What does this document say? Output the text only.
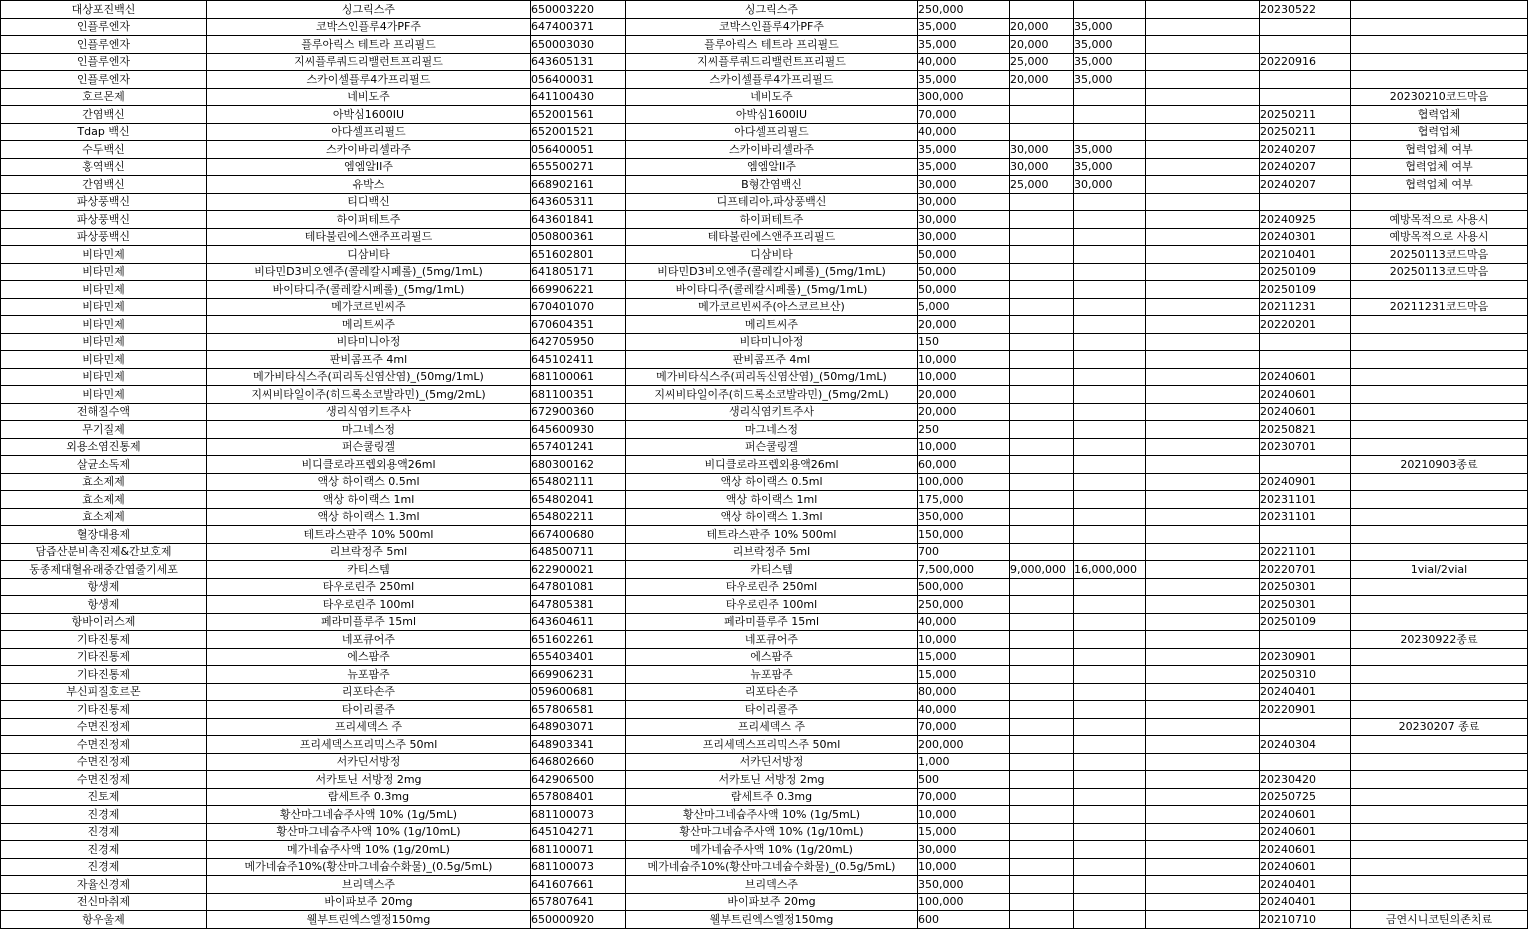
대상포진백신	싱그릭스주	650003220	싱그릭스주	250,000				20230522	
인플루엔자	코박스인플루4가PF주	647400371	코박스인플루4가PF주	35,000	20,000	35,000			
인플루엔자	플루아릭스 테트라 프리필드	650003030	플루아릭스 테트라 프리필드	35,000	20,000	35,000			
인플루엔자	지씨플루쿼드리밸런트프리필드	643605131	지씨플루쿼드리밸런트프리필드	40,000	25,000	35,000		20220916	
인플루엔자	스카이셀플루4가프리필드	056400031	스카이셀플루4가프리필드	35,000	20,000	35,000			
호르몬제	네비도주	641100430	네비도주	300,000					20230210코드막음
간염백신	아박심1600IU	652001561	아박심1600IU	70,000				20250211	협력업체
Tdap 백신	아다셀프리필드	652001521	아다셀프리필드	40,000				20250211	협력업체
수두백신	스카이바리셀라주	056400051	스카이바리셀라주	35,000	30,000	35,000		20240207	협력업체 여부
홍역백신	엠엠알II주	655500271	엠엠알II주	35,000	30,000	35,000		20240207	협력업체 여부
간염백신	유박스	668902161	B형간염백신	30,000	25,000	30,000		20240207	협력업체 여부
파상풍백신	티디백신	643605311	디프테리아,파상풍백신	30,000					
파상풍백신	하이퍼테트주	643601841	하이퍼테트주	30,000				20240925	예방목적으로 사용시
파상풍백신	테타불린에스앤주프리필드	050800361	테타불린에스앤주프리필드	30,000				20240301	예방목적으로 사용시
비타민제	디삼비타	651602801	디삼비타	50,000				20210401	20250113코드막음
비타민제	비타민D3비오엔주(콜레칼시페롤)_(5mg/1mL)	641805171	비타민D3비오엔주(콜레칼시페롤)_(5mg/1mL)	50,000				20250109	20250113코드막음
비타민제	바이타디주(콜레칼시페롤)_(5mg/1mL)	669906221	바이타디주(콜레칼시페롤)_(5mg/1mL)	50,000				20250109	
비타민제	메가코르빈씨주	670401070	메가코르빈씨주(아스코르브산)	5,000				20211231	20211231코드막음
비타민제	메리트씨주	670604351	메리트씨주	20,000				20220201	
비타민제	비타미니아정	642705950	비타미니아정	150					
비타민제	판비콤프주 4ml	645102411	판비콤프주 4ml	10,000					
비타민제	메가비타식스주(피리독신염산염)_(50mg/1mL)	681100061	메가비타식스주(피리독신염산염)_(50mg/1mL)	10,000				20240601	
비타민제	지씨비타일이주(히드록소코발라민)_(5mg/2mL)	681100351	지씨비타일이주(히드록소코발라민)_(5mg/2mL)	20,000				20240601	
전해질수액	생리식염키트주사	672900360	생리식염키트주사	20,000				20240601	
무기질제	마그네스정	645600930	마그네스정	250				20250821	
외용소염진통제	퍼슨쿨링겔	657401241	퍼슨쿨링겔	10,000				20230701	
살균소독제	비디클로라프렙외용액26ml	680300162	비디클로라프렙외용액26ml	60,000					20210903종료
효소제제	액상 하이랙스 0.5ml	654802111	액상 하이랙스 0.5ml	100,000				20240901	
효소제제	액상 하이랙스 1ml	654802041	액상 하이랙스 1ml	175,000				20231101	
효소제제	액상 하이랙스 1.3ml	654802211	액상 하이랙스 1.3ml	350,000				20231101	
혈장대용제	테트라스판주 10% 500ml	667400680	테트라스판주 10% 500ml	150,000					
담즙산분비촉진제&간보호제	리브락정주 5ml	648500711	리브락정주 5ml	700				20221101	
동종제대혈유래중간엽줄기세포	카티스템	622900021	카티스템	7,500,000	9,000,000	16,000,000		20220701	1vial/2vial
항생제	타우로린주 250ml	647801081	타우로린주 250ml	500,000				20250301	
항생제	타우로린주 100ml	647805381	타우로린주 100ml	250,000				20250301	
항바이러스제	페라미플루주 15ml	643604611	페라미플루주 15ml	40,000				20250109	
기타진통제	네포큐어주	651602261	네포큐어주	10,000					20230922종료
기타진통제	에스팜주	655403401	에스팜주	15,000				20230901	
기타진통제	뉴포팜주	669906231	뉴포팜주	15,000				20250310	
부신피질호르몬	리포타손주	059600681	리포타손주	80,000				20240401	
기타진통제	타이리콜주	657806581	타이리콜주	40,000				20220901	
수면진정제	프리세덱스 주	648903071	프리세덱스 주	70,000					20230207 종료
수면진정제	프리세덱스프리믹스주 50ml	648903341	프리세덱스프리믹스주 50ml	200,000				20240304	
수면진정제	서카딘서방정	646802660	서카딘서방정	1,000					
수면진정제	서카토닌 서방정 2mg	642906500	서카토닌 서방정 2mg	500				20230420	
진토제	람세트주 0.3mg	657808401	람세트주 0.3mg	70,000				20250725	
진경제	황산마그네슘주사액 10% (1g/5mL)	681100073	황산마그네슘주사액 10% (1g/5mL)	10,000				20240601	
진경제	황산마그네슘주사액 10% (1g/10mL)	645104271	황산마그네슘주사액 10% (1g/10mL)	15,000				20240601	
진경제	메가네슘주사액 10% (1g/20mL)	681100071	메가네슘주사액 10% (1g/20mL)	30,000				20240601	
진경제	메가네슘주10%(황산마그네슘수화물)_(0.5g/5mL)	681100073	메가네슘주10%(황산마그네슘수화물)_(0.5g/5mL)	10,000				20240601	
자율신경제	브리덱스주	641607661	브리덱스주	350,000				20240401	
전신마취제	바이파보주 20mg	657807641	바이파보주 20mg	100,000				20240401	
항우울제	웰부트린엑스엘정150mg	650000920	웰부트린엑스엘정150mg	600				20210710	금연시니코틴의존치료
